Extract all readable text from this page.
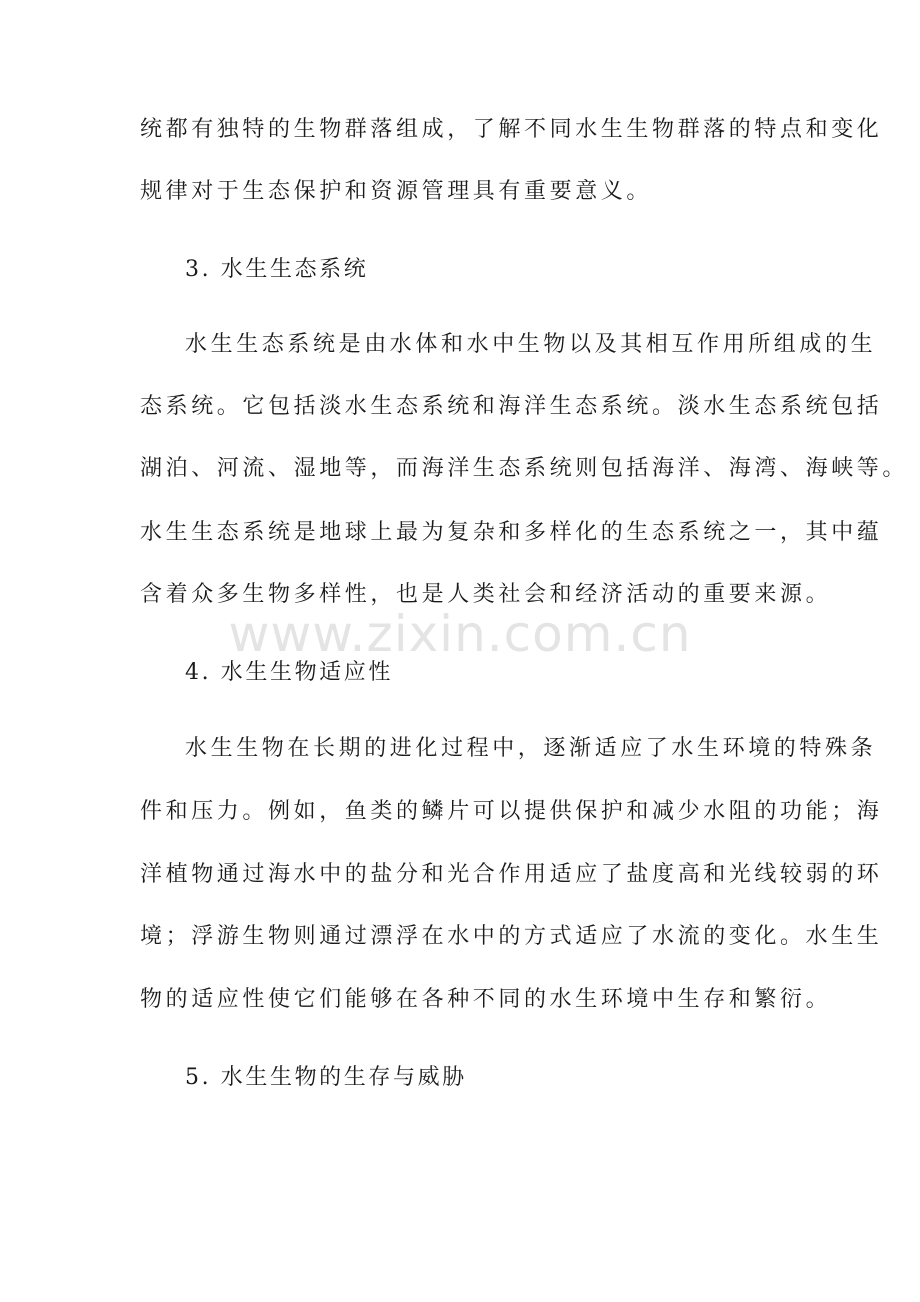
统都有独特的生物群落组成，了解不同水生生物群落的特点和变化

规律对于生态保护和资源管理具有重要意义。

3. 水生生态系统

水生生态系统是由水体和水中生物以及其相互作用所组成的生

态系统。它包括淡水生态系统和海洋生态系统。淡水生态系统包括

湖泊、河流、湿地等，而海洋生态系统则包括海洋、海湾、海峡等。

水生生态系统是地球上最为复杂和多样化的生态系统之一，其中蕴

含着众多生物多样性，也是人类社会和经济活动的重要来源。

4. 水生生物适应性

水生生物在长期的进化过程中，逐渐适应了水生环境的特殊条

件和压力。例如，鱼类的鳞片可以提供保护和减少水阻的功能；海

洋植物通过海水中的盐分和光合作用适应了盐度高和光线较弱的环

境；浮游生物则通过漂浮在水中的方式适应了水流的变化。水生生

物的适应性使它们能够在各种不同的水生环境中生存和繁衍。

5. 水生生物的生存与威胁

www.zixin.com.cn
